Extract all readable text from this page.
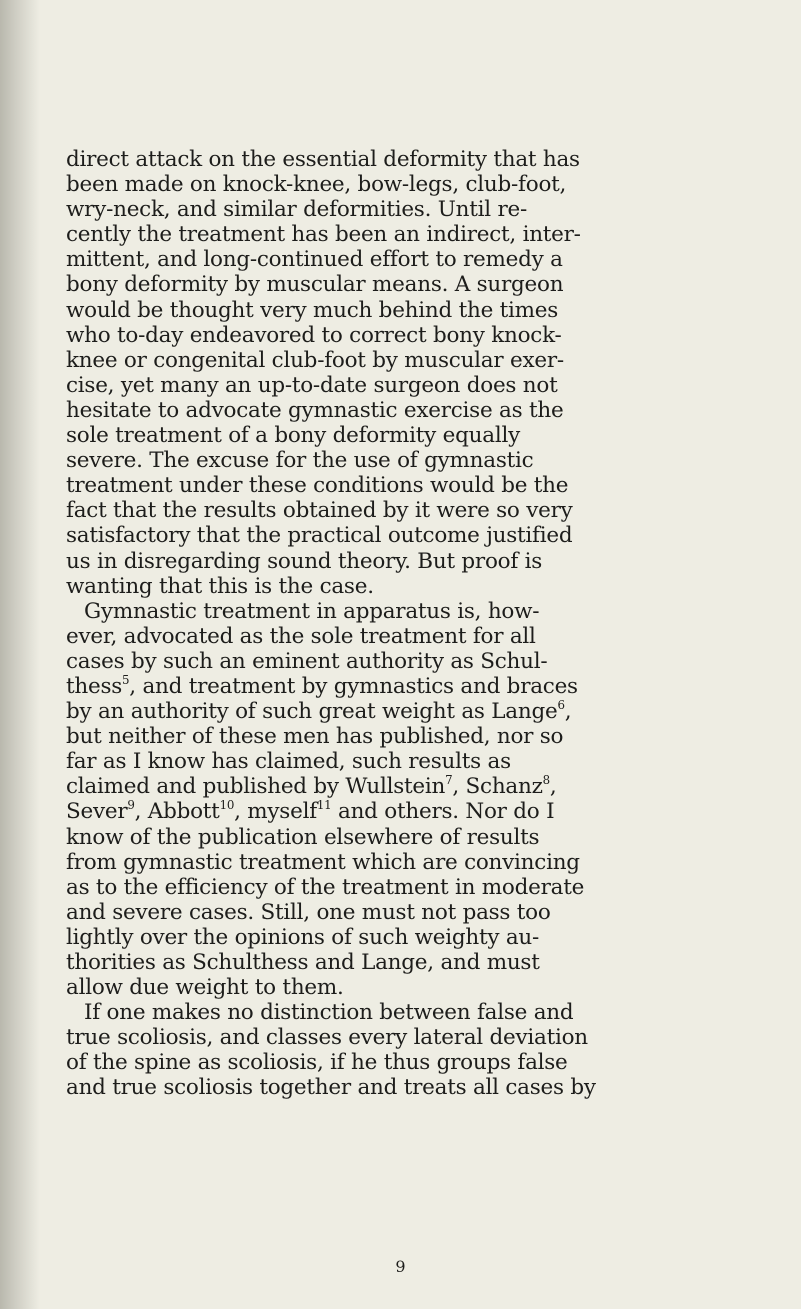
direct attack on the essential deformity that has
been made on knock-knee, bow-legs, club-foot,
wry-neck, and similar deformities. Until re-
cently the treatment has been an indirect, inter-
mittent, and long-continued effort to remedy a
bony deformity by muscular means. A surgeon
would be thought very much behind the times
who to-day endeavored to correct bony knock-
knee or congenital club-foot by muscular exer-
cise, yet many an up-to-date surgeon does not
hesitate to advocate gymnastic exercise as the
sole treatment of a bony deformity equally
severe. The excuse for the use of gymnastic
treatment under these conditions would be the
fact that the results obtained by it were so very
satisfactory that the practical outcome justified
us in disregarding sound theory. But proof is
wanting that this is the case.
Gymnastic treatment in apparatus is, how-
ever, advocated as the sole treatment for all
cases by such an eminent authority as Schul-
thess$^5$, and treatment by gymnastics and braces
by an authority of such great weight as Lange$^6$,
but neither of these men has published, nor so
far as I know has claimed, such results as
claimed and published by Wullstein$^7$, Schanz$^8$,
Sever$^9$, Abbott$^{10}$, myself$^{11}$ and others. Nor do I
know of the publication elsewhere of results
from gymnastic treatment which are convincing
as to the efficiency of the treatment in moderate
and severe cases. Still, one must not pass too
lightly over the opinions of such weighty au-
thorities as Schulthess and Lange, and must
allow due weight to them.
If one makes no distinction between false and
true scoliosis, and classes every lateral deviation
of the spine as scoliosis, if he thus groups false
and true scoliosis together and treats all cases by
9
